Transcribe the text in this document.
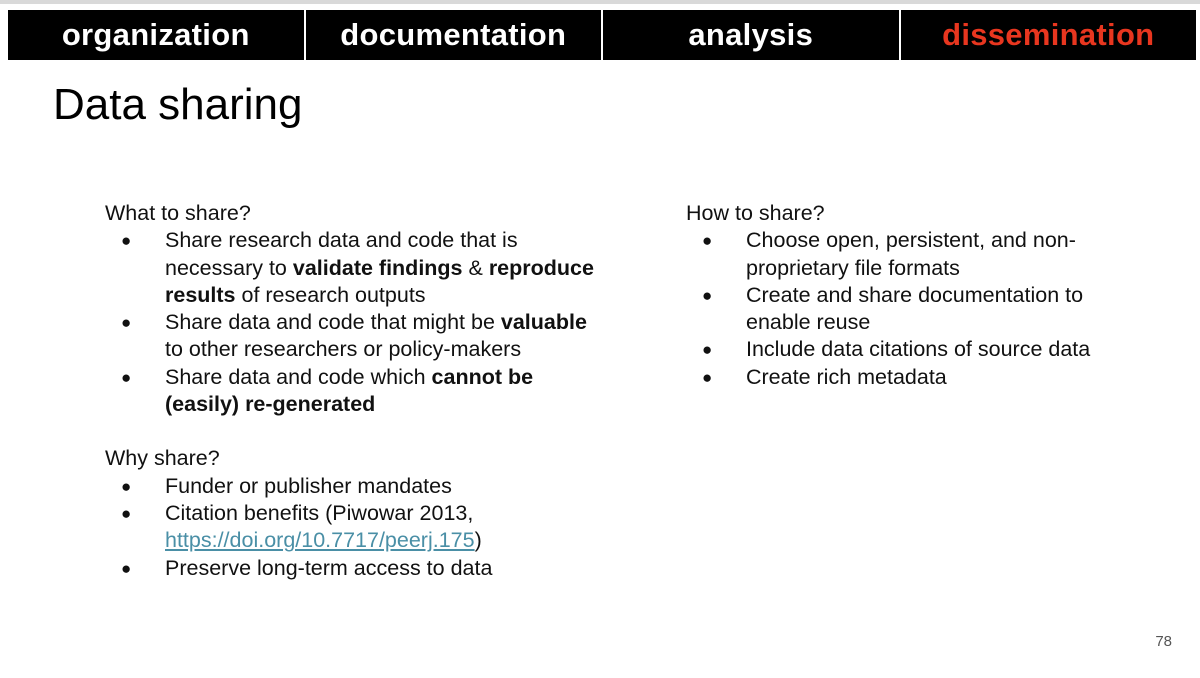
organization	documentation	analysis	dissemination
Data sharing

What to share?

● Share research data and code that is necessary to validate findings & reproduce results of research outputs
● Share data and code that might be valuable to other researchers or policy-makers
● Share data and code which cannot be (easily) re-generated

Why share?

● Funder or publisher mandates
● Citation benefits (Piwowar 2013, https://doi.org/10.7717/peerj.175)
● Preserve long-term access to data

How to share?

● Choose open, persistent, and non-proprietary file formats
● Create and share documentation to enable reuse
● Include data citations of source data
● Create rich metadata
78
